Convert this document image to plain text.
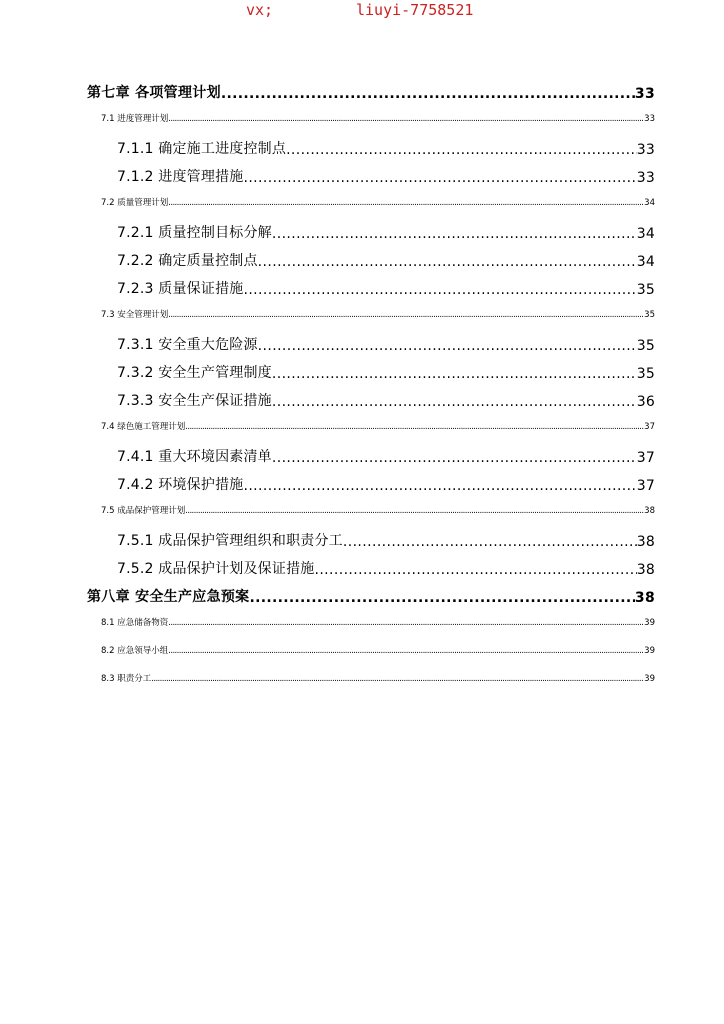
vx;	liuyi-7758521
第七章 各项管理计划 .....	33
7.1 进度管理计划 .....	33
7.1.1 确定施工进度控制点 .....	33
7.1.2 进度管理措施 .....	33
7.2 质量管理计划 .....	34
7.2.1 质量控制目标分解 .....	34
7.2.2 确定质量控制点 .....	34
7.2.3 质量保证措施 .....	35
7.3 安全管理计划 .....	35
7.3.1 安全重大危险源 .....	35
7.3.2 安全生产管理制度 .....	35
7.3.3 安全生产保证措施 .....	36
7.4 绿色施工管理计划 .....	37
7.4.1 重大环境因素清单 .....	37
7.4.2 环境保护措施 .....	37
7.5 成品保护管理计划 .....	38
7.5.1 成品保护管理组织和职责分工 .....	38
7.5.2 成品保护计划及保证措施 .....	38
第八章 安全生产应急预案 .....	38
8.1 应急储备物资 .....	39
8.2 应急领导小组 .....	39
8.3 职责分工 .....	39
